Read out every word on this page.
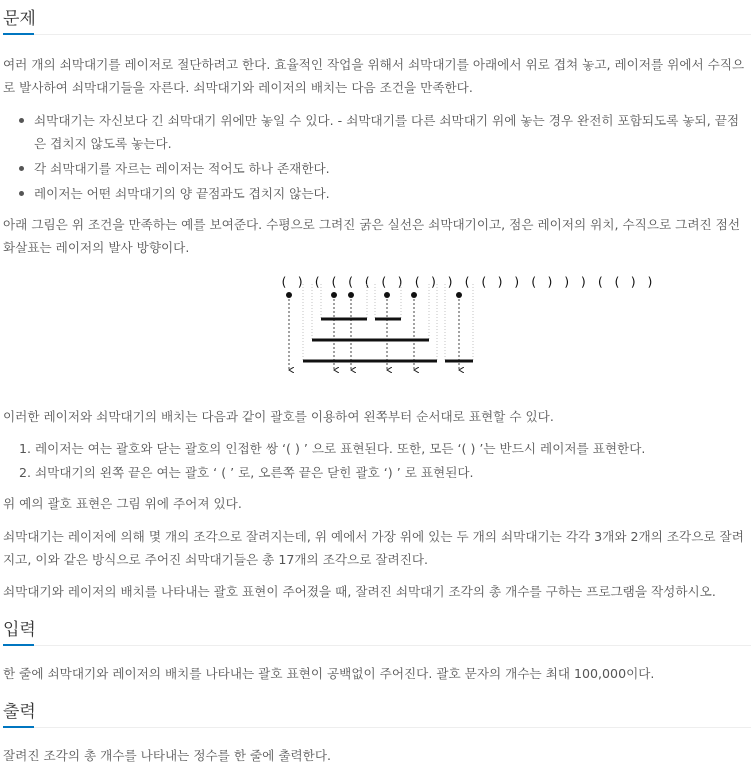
문제

여러 개의 쇠막대기를 레이저로 절단하려고 한다. 효율적인 작업을 위해서 쇠막대기를 아래에서 위로 겹쳐 놓고, 레이저를 위에서 수직으로 발사하여 쇠막대기들을 자른다. 쇠막대기와 레이저의 배치는 다음 조건을 만족한다.

쇠막대기는 자신보다 긴 쇠막대기 위에만 놓일 수 있다. - 쇠막대기를 다른 쇠막대기 위에 놓는 경우 완전히 포함되도록 놓되, 끝점은 겹치지 않도록 놓는다.
각 쇠막대기를 자르는 레이저는 적어도 하나 존재한다.
레이저는 어떤 쇠막대기의 양 끝점과도 겹치지 않는다.

아래 그림은 위 조건을 만족하는 예를 보여준다. 수평으로 그려진 굵은 실선은 쇠막대기이고, 점은 레이저의 위치, 수직으로 그려진 점선 화살표는 레이저의 발사 방향이다.

이러한 레이저와 쇠막대기의 배치는 다음과 같이 괄호를 이용하여 왼쪽부터 순서대로 표현할 수 있다.

1. 레이저는 여는 괄호와 닫는 괄호의 인접한 쌍 ‘( ) ’ 으로 표현된다. 또한, 모든 ‘( ) ’는 반드시 레이저를 표현한다.
2. 쇠막대기의 왼쪽 끝은 여는 괄호 ‘ ( ’ 로, 오른쪽 끝은 닫힌 괄호 ‘) ’ 로 표현된다.

위 예의 괄호 표현은 그림 위에 주어져 있다.

쇠막대기는 레이저에 의해 몇 개의 조각으로 잘려지는데, 위 예에서 가장 위에 있는 두 개의 쇠막대기는 각각 3개와 2개의 조각으로 잘려지고, 이와 같은 방식으로 주어진 쇠막대기들은 총 17개의 조각으로 잘려진다.

쇠막대기와 레이저의 배치를 나타내는 괄호 표현이 주어졌을 때, 잘려진 쇠막대기 조각의 총 개수를 구하는 프로그램을 작성하시오.

입력

한 줄에 쇠막대기와 레이저의 배치를 나타내는 괄호 표현이 공백없이 주어진다. 괄호 문자의 개수는 최대 100,000이다.

출력

잘려진 조각의 총 개수를 나타내는 정수를 한 줄에 출력한다.

( ) ( ( ( ( ( ) ( ) ) ( ( ) ) ( ) ) ) ( ( ) )
